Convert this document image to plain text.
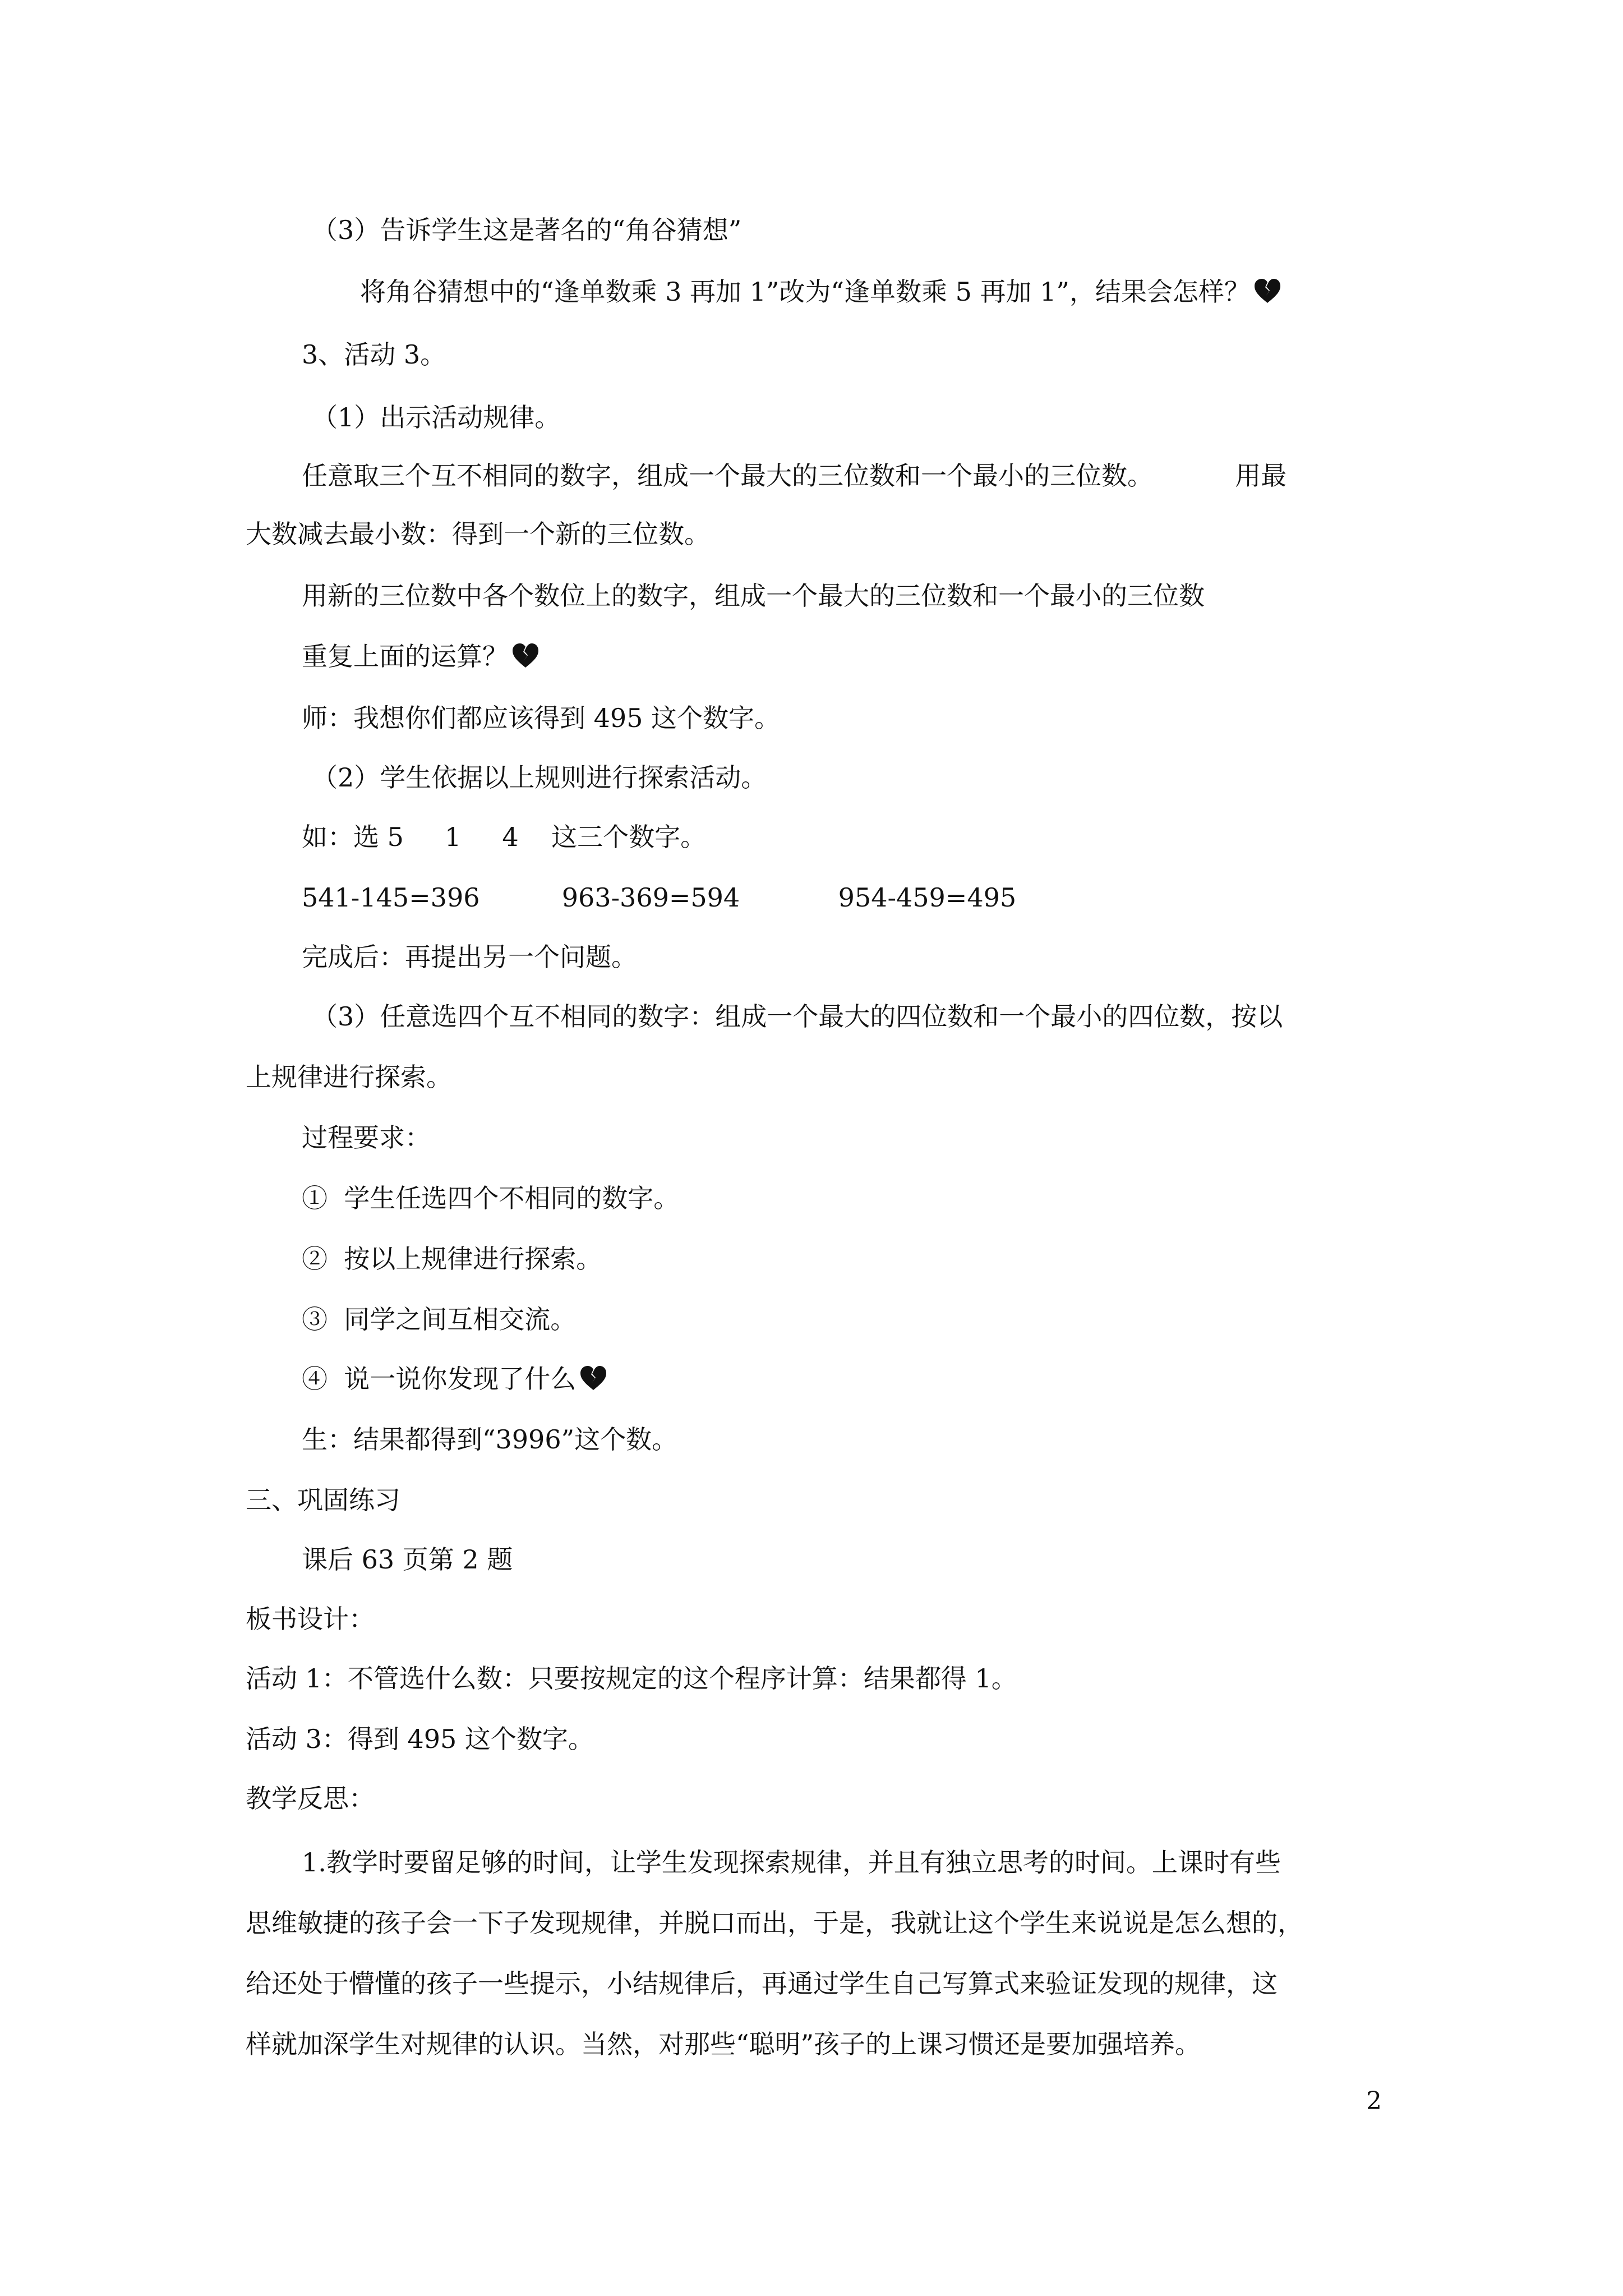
（3）告诉学生这是著名的“角谷猜想”
将角谷猜想中的“逢单数乘 3 再加 1”改为“逢单数乘 5 再加 1”，结果会怎样？
3、活动 3。
（1）出示活动规律。
任意取三个互不相同的数字，组成一个最大的三位数和一个最小的三位数。          用最
大数减去最小数：得到一个新的三位数。
用新的三位数中各个数位上的数字，组成一个最大的三位数和一个最小的三位数
重复上面的运算？
师：我想你们都应该得到 495 这个数字。
（2）学生依据以上规则进行探索活动。
如：选 5     1     4    这三个数字。
541-145=396          963-369=594            954-459=495
完成后：再提出另一个问题。
（3）任意选四个互不相同的数字：组成一个最大的四位数和一个最小的四位数，按以
上规律进行探索。
过程要求：
①  学生任选四个不相同的数字。
②  按以上规律进行探索。
③  同学之间互相交流。
④  说一说你发现了什么
生：结果都得到“3996”这个数。
三、巩固练习
课后 63 页第 2 题
板书设计：
活动 1：不管选什么数：只要按规定的这个程序计算：结果都得 1。
活动 3：得到 495 这个数字。
教学反思：
1.教学时要留足够的时间，让学生发现探索规律，并且有独立思考的时间。上课时有些
思维敏捷的孩子会一下子发现规律，并脱口而出，于是，我就让这个学生来说说是怎么想的，
给还处于懵懂的孩子一些提示，小结规律后，再通过学生自己写算式来验证发现的规律，这
样就加深学生对规律的认识。当然，对那些“聪明”孩子的上课习惯还是要加强培养。
2
